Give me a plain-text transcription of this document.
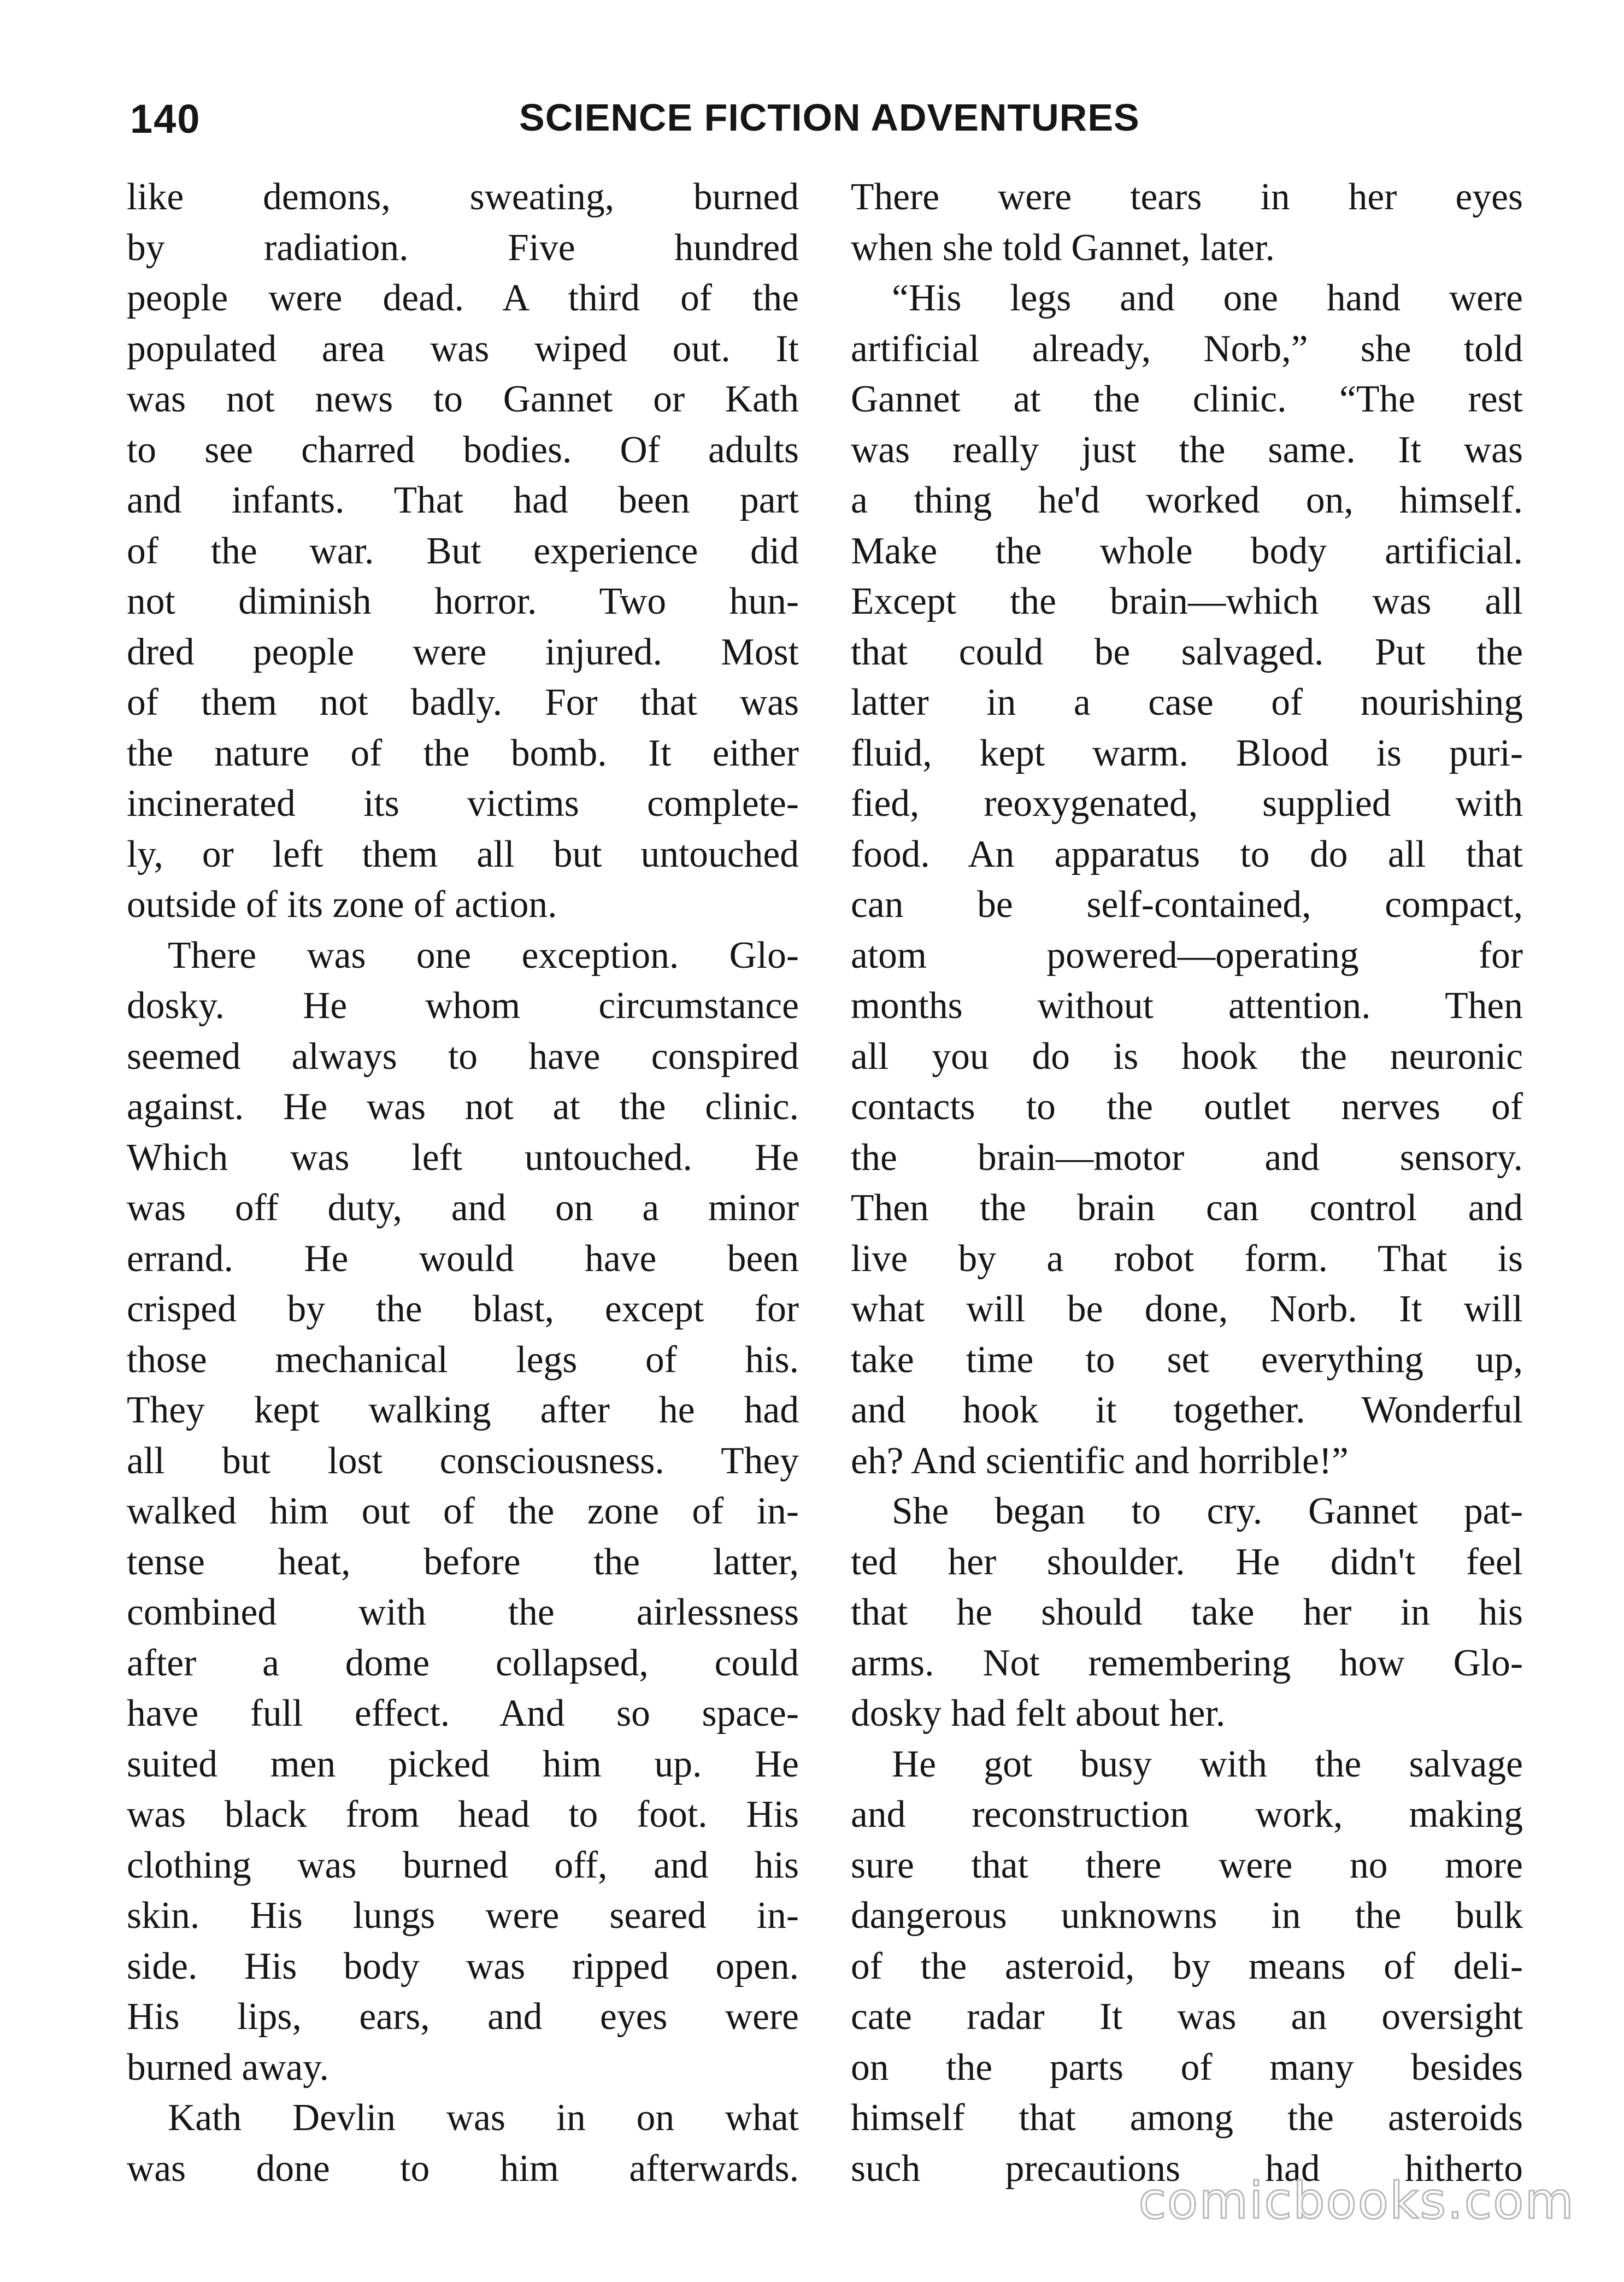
140	SCIENCE FICTION ADVENTURES
like demons, sweating, burned
by radiation. Five hundred
people were dead. A third of the
populated area was wiped out. It
was not news to Gannet or Kath
to see charred bodies. Of adults
and infants. That had been part
of the war. But experience did
not diminish horror. Two hun-
dred people were injured. Most
of them not badly. For that was
the nature of the bomb. It either
incinerated its victims complete-
ly, or left them all but untouched
outside of its zone of action.
There was one exception. Glo-
dosky. He whom circumstance
seemed always to have conspired
against. He was not at the clinic.
Which was left untouched. He
was off duty, and on a minor
errand. He would have been
crisped by the blast, except for
those mechanical legs of his.
They kept walking after he had
all but lost consciousness. They
walked him out of the zone of in-
tense heat, before the latter,
combined with the airlessness
after a dome collapsed, could
have full effect. And so space-
suited men picked him up. He
was black from head to foot. His
clothing was burned off, and his
skin. His lungs were seared in-
side. His body was ripped open.
His lips, ears, and eyes were
burned away.
Kath Devlin was in on what
was done to him afterwards.
There were tears in her eyes
when she told Gannet, later.
“His legs and one hand were
artificial already, Norb,” she told
Gannet at the clinic. “The rest
was really just the same. It was
a thing he'd worked on, himself.
Make the whole body artificial.
Except the brain—which was all
that could be salvaged. Put the
latter in a case of nourishing
fluid, kept warm. Blood is puri-
fied, reoxygenated, supplied with
food. An apparatus to do all that
can be self-contained, compact,
atom powered—operating for
months without attention. Then
all you do is hook the neuronic
contacts to the outlet nerves of
the brain—motor and sensory.
Then the brain can control and
live by a robot form. That is
what will be done, Norb. It will
take time to set everything up,
and hook it together. Wonderful
eh? And scientific and horrible!”
She began to cry. Gannet pat-
ted her shoulder. He didn't feel
that he should take her in his
arms. Not remembering how Glo-
dosky had felt about her.
He got busy with the salvage
and reconstruction work, making
sure that there were no more
dangerous unknowns in the bulk
of the asteroid, by means of deli-
cate radar It was an oversight
on the parts of many besides
himself that among the asteroids
such precautions had hitherto
comicbooks.com
